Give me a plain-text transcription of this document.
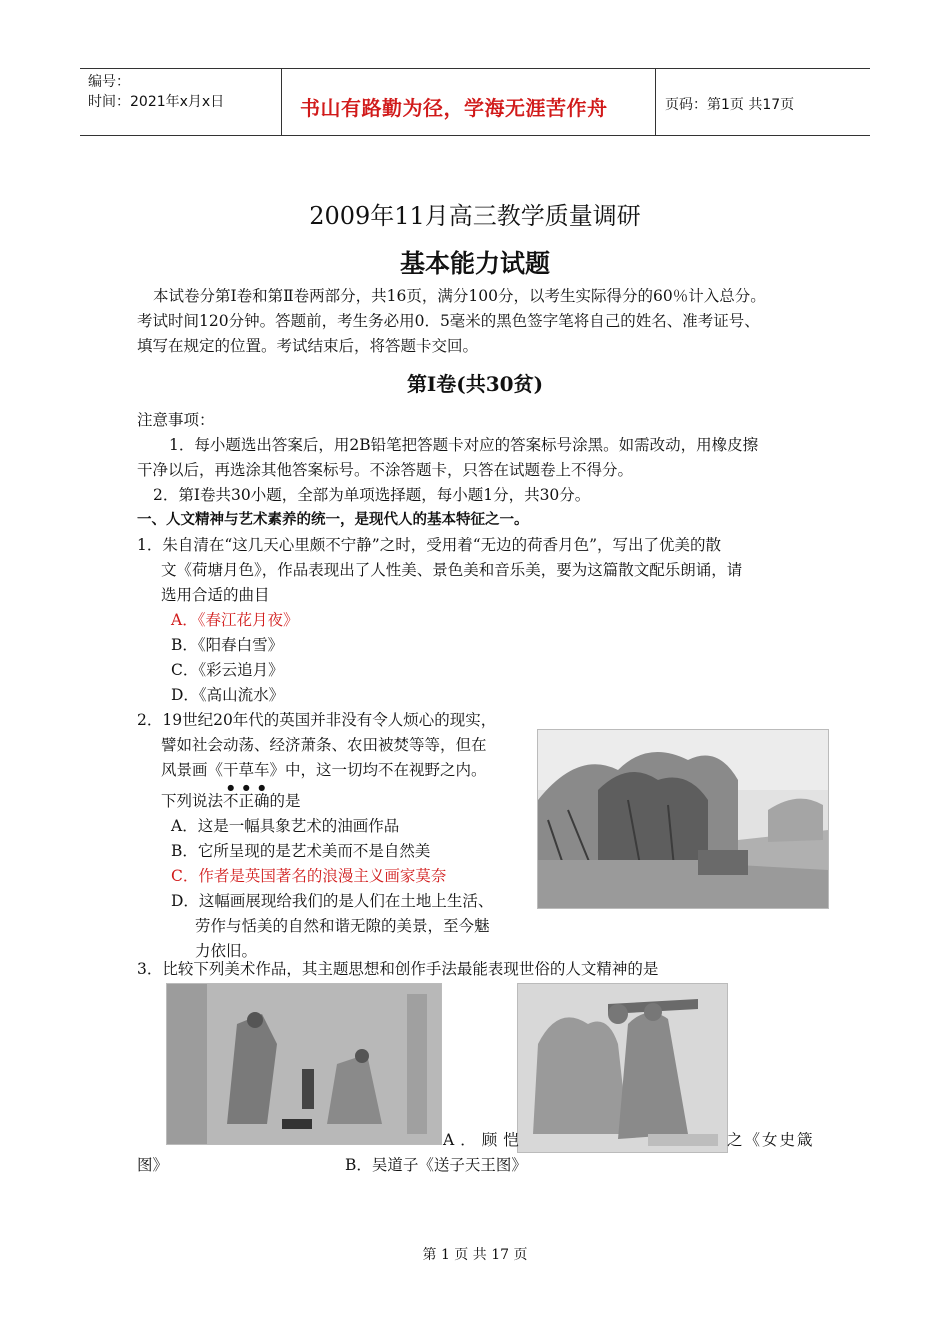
编号：
时间：2021年x月x日	书山有路勤为径，学海无涯苦作舟	页码：第1页 共17页
2009年11月高三教学质量调研
基本能力试题
本试卷分第Ⅰ卷和第Ⅱ卷两部分，共16页，满分100分，以考生实际得分的60％计入总分。
考试时间120分钟。答题前，考生务必用0．5毫米的黑色签字笔将自己的姓名、准考证号、
填写在规定的位置。考试结束后，将答题卡交回。
第Ⅰ卷(共30贫)
注意事项：
1．每小题选出答案后，用2B铅笔把答题卡对应的答案标号涂黑。如需改动，用橡皮擦
干净以后，再选涂其他答案标号。不涂答题卡，只答在试题卷上不得分。
2．第Ⅰ卷共30小题，全部为单项选择题，每小题1分，共30分。
一、人文精神与艺术素养的统一，是现代人的基本特征之一。
1．朱自清在“这几天心里颇不宁静”之时，受用着“无边的荷香月色”，写出了优美的散
文《荷塘月色》，作品表现出了人性美、景色美和音乐美，要为这篇散文配乐朗诵，请
选用合适的曲目
A．《春江花月夜》
B．《阳春白雪》
C．《彩云追月》
D．《高山流水》
2．19世纪20年代的英国并非没有令人烦心的现实，
譬如社会动荡、经济萧条、农田被焚等等，但在
风景画《干草车》中，这一切均不在视野之内。
下列说法不正确的是
A．这是一幅具象艺术的油画作品
B．它所呈现的是艺术美而不是自然美
C．作者是英国著名的浪漫主义画家莫奈
D．这幅画展现给我们的是人们在土地上生活、
劳作与恬美的自然和谐无隙的美景，至今魅
力依旧。
3．比较下列美术作品，其主题思想和创作手法最能表现世俗的人文精神的是
A．顾恺	之《女史箴
图》	B．吴道子《送子天王图》
第 1 页 共 17 页
